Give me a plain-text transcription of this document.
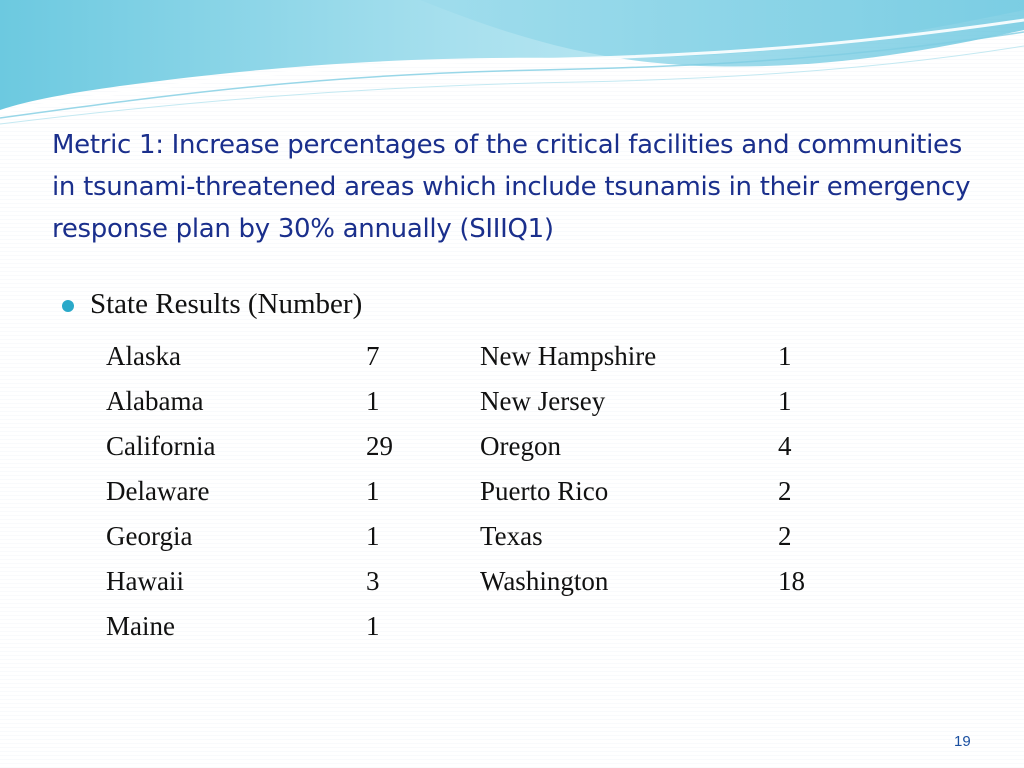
Metric 1: Increase percentages of the critical facilities and communities in tsunami-threatened areas which include tsunamis in their emergency response plan by 30% annually (SIIIQ1)
State Results (Number)
Alaska	7	New Hampshire	1
Alabama	1	New Jersey	1
California	29	Oregon	4
Delaware	1	Puerto Rico	2
Georgia	1	Texas	2
Hawaii	3	Washington	18
Maine	1
19
